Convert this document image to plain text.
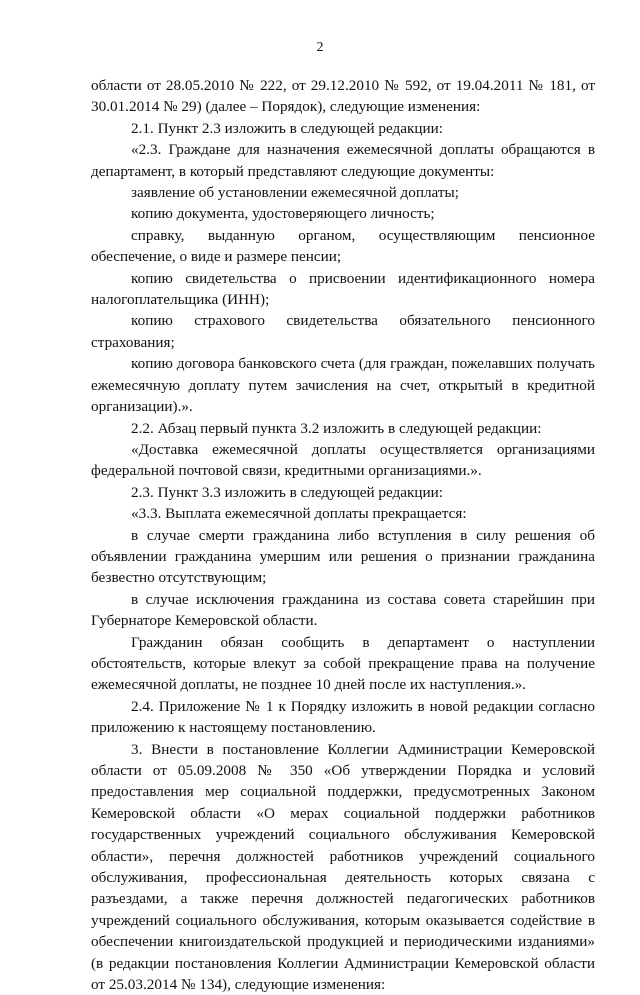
2

области от 28.05.2010 № 222, от 29.12.2010 № 592, от 19.04.2011 № 181, от 30.01.2014 № 29) (далее – Порядок), следующие изменения:

2.1. Пункт 2.3 изложить в следующей редакции:

«2.3. Граждане для назначения ежемесячной доплаты обращаются в департамент, в который представляют следующие документы:

заявление об установлении ежемесячной доплаты;

копию документа, удостоверяющего личность;

справку, выданную органом, осуществляющим пенсионное обеспечение, о виде и размере пенсии;

копию свидетельства о присвоении идентификационного номера налогоплательщика (ИНН);

копию страхового свидетельства обязательного пенсионного страхования;

копию договора банковского счета (для граждан, пожелавших получать ежемесячную доплату путем зачисления на счет, открытый в кредитной организации).».

2.2. Абзац первый пункта 3.2 изложить в следующей редакции:

«Доставка ежемесячной доплаты осуществляется организациями федеральной почтовой связи, кредитными организациями.».

2.3. Пункт 3.3 изложить в следующей редакции:

«3.3. Выплата ежемесячной доплаты прекращается:

в случае смерти гражданина либо вступления в силу решения об объявлении гражданина умершим или решения о признании гражданина безвестно отсутствующим;

в случае исключения гражданина из состава совета старейшин при Губернаторе Кемеровской области.

Гражданин обязан сообщить в департамент о наступлении обстоятельств, которые влекут за собой прекращение права на получение ежемесячной доплаты, не позднее 10 дней после их наступления.».

2.4. Приложение № 1 к Порядку изложить в новой редакции согласно приложению к настоящему постановлению.

3. Внести в постановление Коллегии Администрации Кемеровской области от 05.09.2008 № 350 «Об утверждении Порядка и условий предоставления мер социальной поддержки, предусмотренных Законом Кемеровской области «О мерах социальной поддержки работников государственных учреждений социального обслуживания Кемеровской области», перечня должностей работников учреждений социального обслуживания, профессиональная деятельность которых связана с разъездами, а также перечня должностей педагогических работников учреждений социального обслуживания, которым оказывается содействие в обеспечении книгоиздательской продукцией и периодическими изданиями» (в редакции постановления Коллегии Администрации Кемеровской области от 25.03.2014 № 134), следующие изменения:
